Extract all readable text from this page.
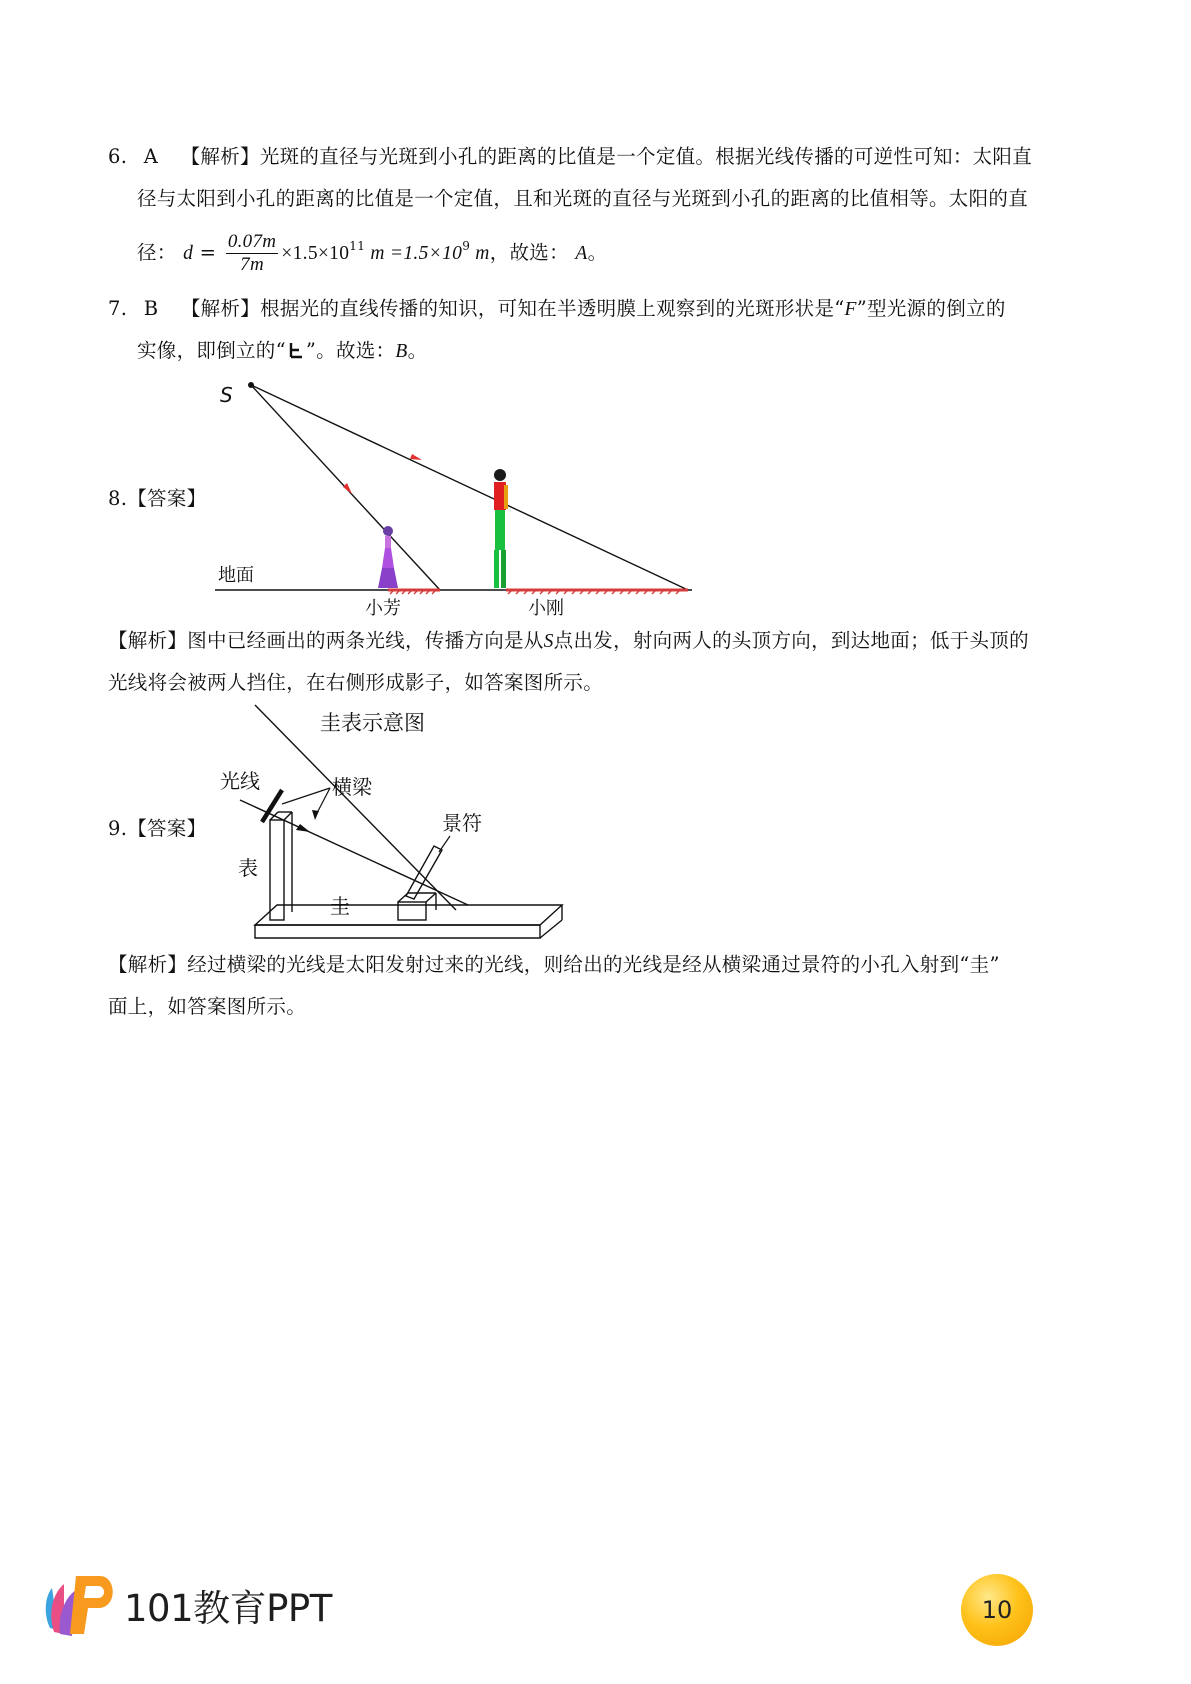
6. A 【解析】光斑的直径与光斑到小孔的距离的比值是一个定值。根据光线传播的可逆性可知：太阳直
径与太阳到小孔的距离的比值是一个定值，且和光斑的直径与光斑到小孔的距离的比值相等。太阳的直
径： $d = \frac{0.07m}{7m} \times 1.5\times 10^{11}$ $m =1.5\times 10^9$ m，故选： A。
7. B 【解析】根据光的直线传播的知识，可知在半透明膜上观察到的光斑形状是“F”型光源的倒立的
实像，即倒立的“ ”。故选：B。
8.【答案】
S
地面
小芳	小刚
【解析】图中已经画出的两条光线，传播方向是从S点出发，射向两人的头顶方向，到达地面；低于头顶的
光线将会被两人挡住，在右侧形成影子，如答案图所示。
圭表示意图
光线	横梁
景符
表
圭
9.【答案】
【解析】经过横梁的光线是太阳发射过来的光线，则给出的光线是经从横梁通过景符的小孔入射到“圭”
面上，如答案图所示。
101教育PPT	10
